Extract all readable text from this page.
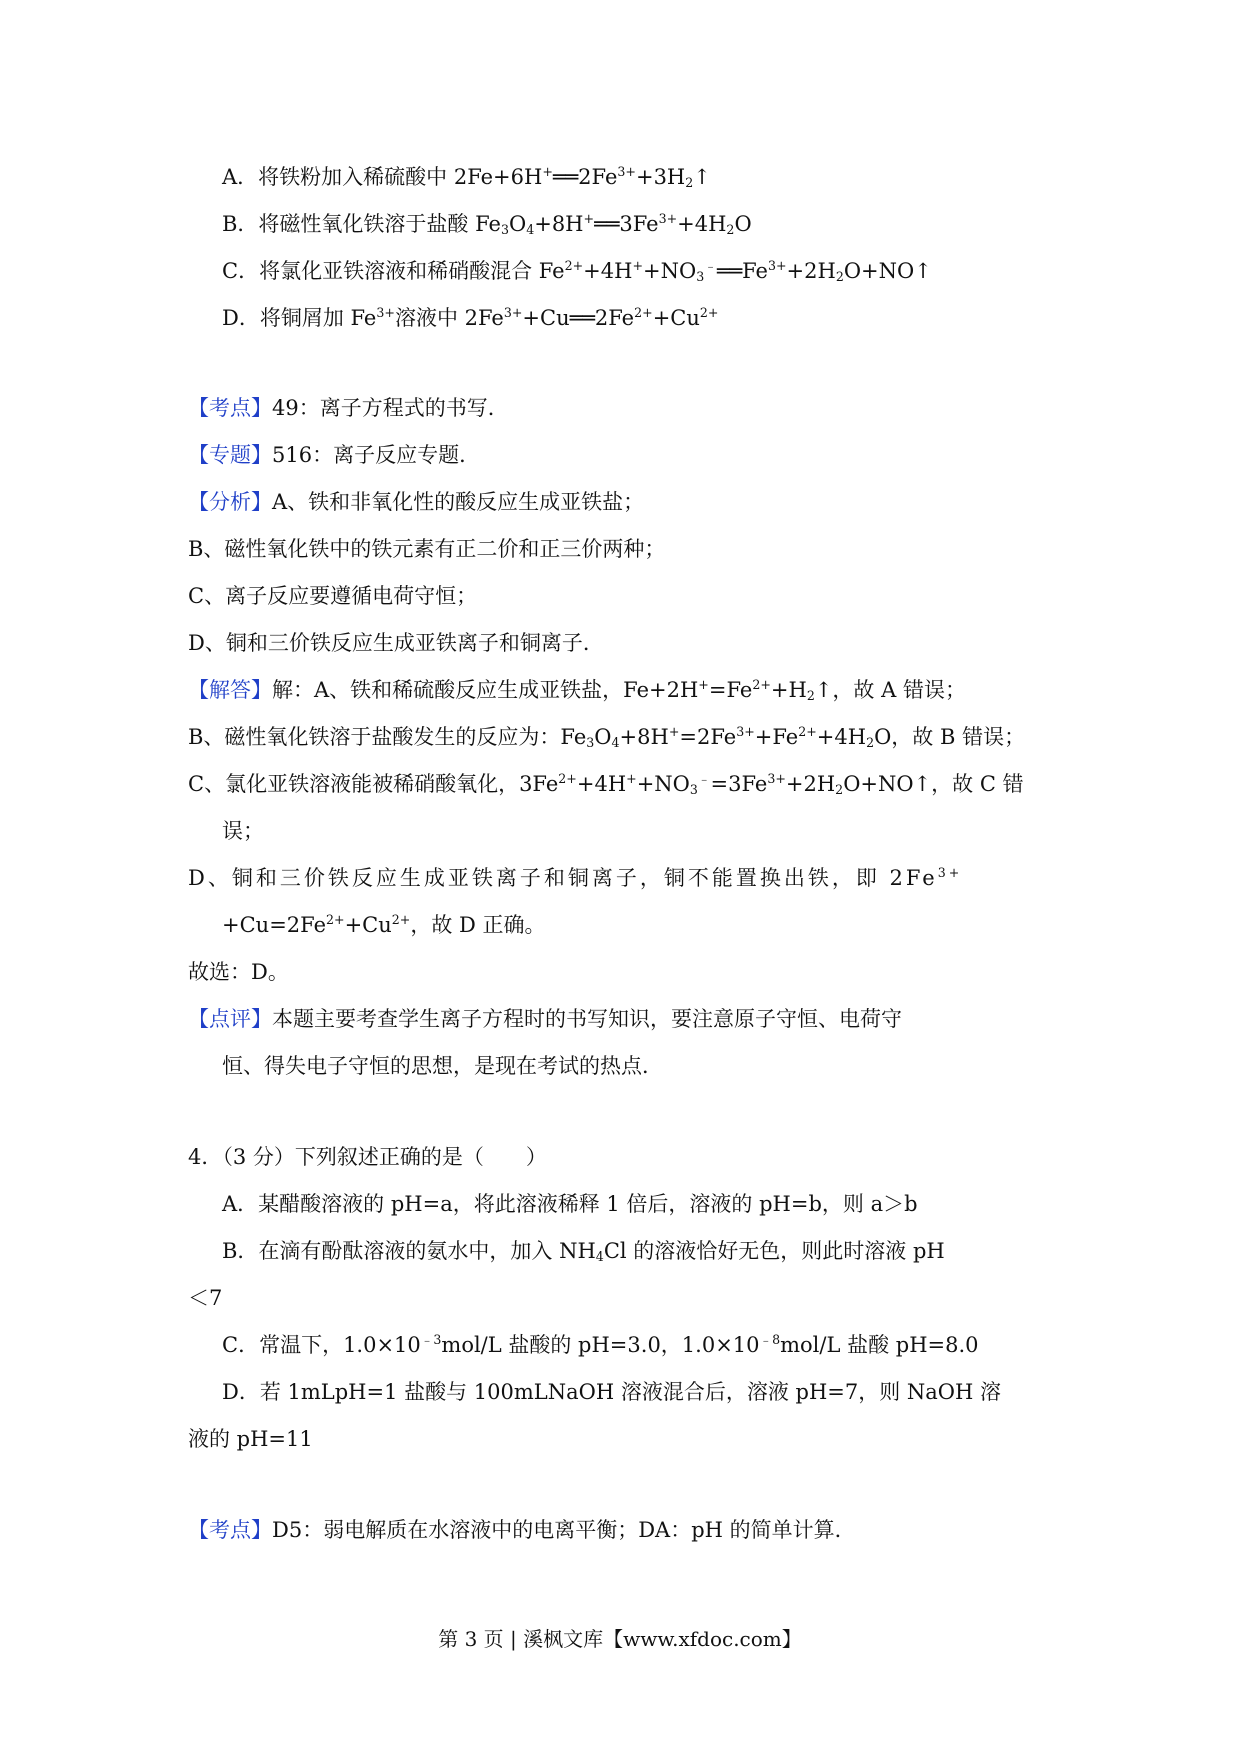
A．将铁粉加入稀硫酸中 $2Fe+6H^+══2Fe^{3+}+3H_2↑$
B．将磁性氧化铁溶于盐酸 $Fe_3O_4+8H^+══3Fe^{3+}+4H_2O$
C．将氯化亚铁溶液和稀硝酸混合 $Fe^{2+}+4H^++NO_3^﹣══Fe^{3+}+2H_2O+NO↑$
D．将铜屑加 $Fe^{3+}$溶液中 $2Fe^{3+}+Cu══2Fe^{2+}+Cu^{2+}$
【考点】49：离子方程式的书写．
【专题】516：离子反应专题．
【分析】A、铁和非氧化性的酸反应生成亚铁盐；
B、磁性氧化铁中的铁元素有正二价和正三价两种；
C、离子反应要遵循电荷守恒；
D、铜和三价铁反应生成亚铁离子和铜离子．
【解答】解：A、铁和稀硫酸反应生成亚铁盐，$Fe+2H^+=Fe^{2+}+H_2↑$，故 A 错误；
B、磁性氧化铁溶于盐酸发生的反应为：$Fe_3O_4+8H^+=2Fe^{3+}+Fe^{2+}+4H_2O$，故 B 错误；
C、氯化亚铁溶液能被稀硝酸氧化，$3Fe^{2+}+4H^++NO_3^﹣=3Fe^{3+}+2H_2O+NO↑$，故 C 错
误；
D、铜和三价铁反应生成亚铁离子和铜离子，铜不能置换出铁，即 $2Fe^{3+}$
$+Cu=2Fe^{2+}+Cu^{2+}$，故 D 正确。
故选：D。
【点评】本题主要考查学生离子方程时的书写知识，要注意原子守恒、电荷守
恒、得失电子守恒的思想，是现在考试的热点．
4．（3 分）下列叙述正确的是（　　）
A．某醋酸溶液的 pH=a，将此溶液稀释 1 倍后，溶液的 pH=b，则 a＞b
B．在滴有酚酞溶液的氨水中，加入 $NH_4Cl$ 的溶液恰好无色，则此时溶液 pH
＜7
C．常温下，$1.0\times 10^{﹣3}mol/L$ 盐酸的 pH=3.0，$1.0\times 10^{﹣8}mol/L$ 盐酸 pH=8.0
D．若 1mLpH=1 盐酸与 100mLNaOH 溶液混合后，溶液 pH=7，则 NaOH 溶
液的 pH=11
【考点】D5：弱电解质在水溶液中的电离平衡；DA：pH 的简单计算．
第 3 页 | 溪枫文库【www.xfdoc.com】
